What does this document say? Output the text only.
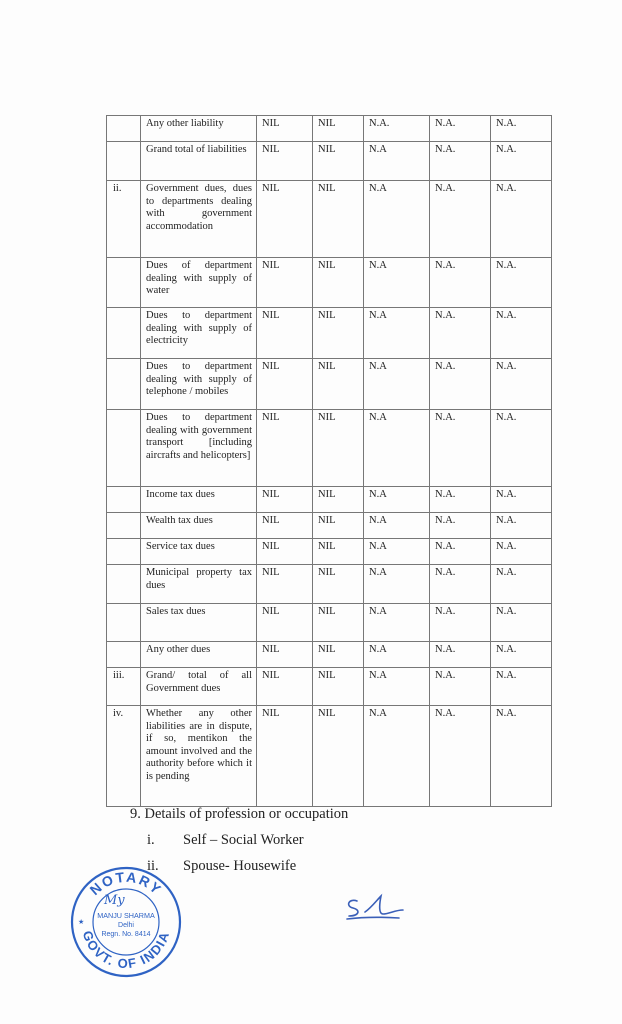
	Any other liability	NIL	NIL	N.A.	N.A.	N.A.
	Grand total of liabilities	NIL	NIL	N.A	N.A.	N.A.
ii.	Government dues, dues to departments dealing with government accommodation	NIL	NIL	N.A	N.A.	N.A.
	Dues of department dealing with supply of water	NIL	NIL	N.A	N.A.	N.A.
	Dues to department dealing with supply of electricity	NIL	NIL	N.A	N.A.	N.A.
	Dues to department dealing with supply of telephone / mobiles	NIL	NIL	N.A	N.A.	N.A.
	Dues to department dealing with government transport [including aircrafts and helicopters]	NIL	NIL	N.A	N.A.	N.A.
	Income tax dues	NIL	NIL	N.A	N.A.	N.A.
	Wealth tax dues	NIL	NIL	N.A	N.A.	N.A.
	Service tax dues	NIL	NIL	N.A	N.A.	N.A.
	Municipal property tax dues	NIL	NIL	N.A	N.A.	N.A.
	Sales tax dues	NIL	NIL	N.A	N.A.	N.A.
	Any other dues	NIL	NIL	N.A	N.A.	N.A.
iii.	Grand/ total of all Government dues	NIL	NIL	N.A	N.A.	N.A.
iv.	Whether any other liabilities are in dispute, if so, mentikon the amount involved and the authority before which it is pending	NIL	NIL	N.A	N.A.	N.A.
9. Details of profession or occupation
i.	Self – Social Worker
ii.	Spouse- Housewife
NOTARY
GOVT. OF INDIA
My
MANJU SHARMA
Delhi
Regn. No. 8414
★
